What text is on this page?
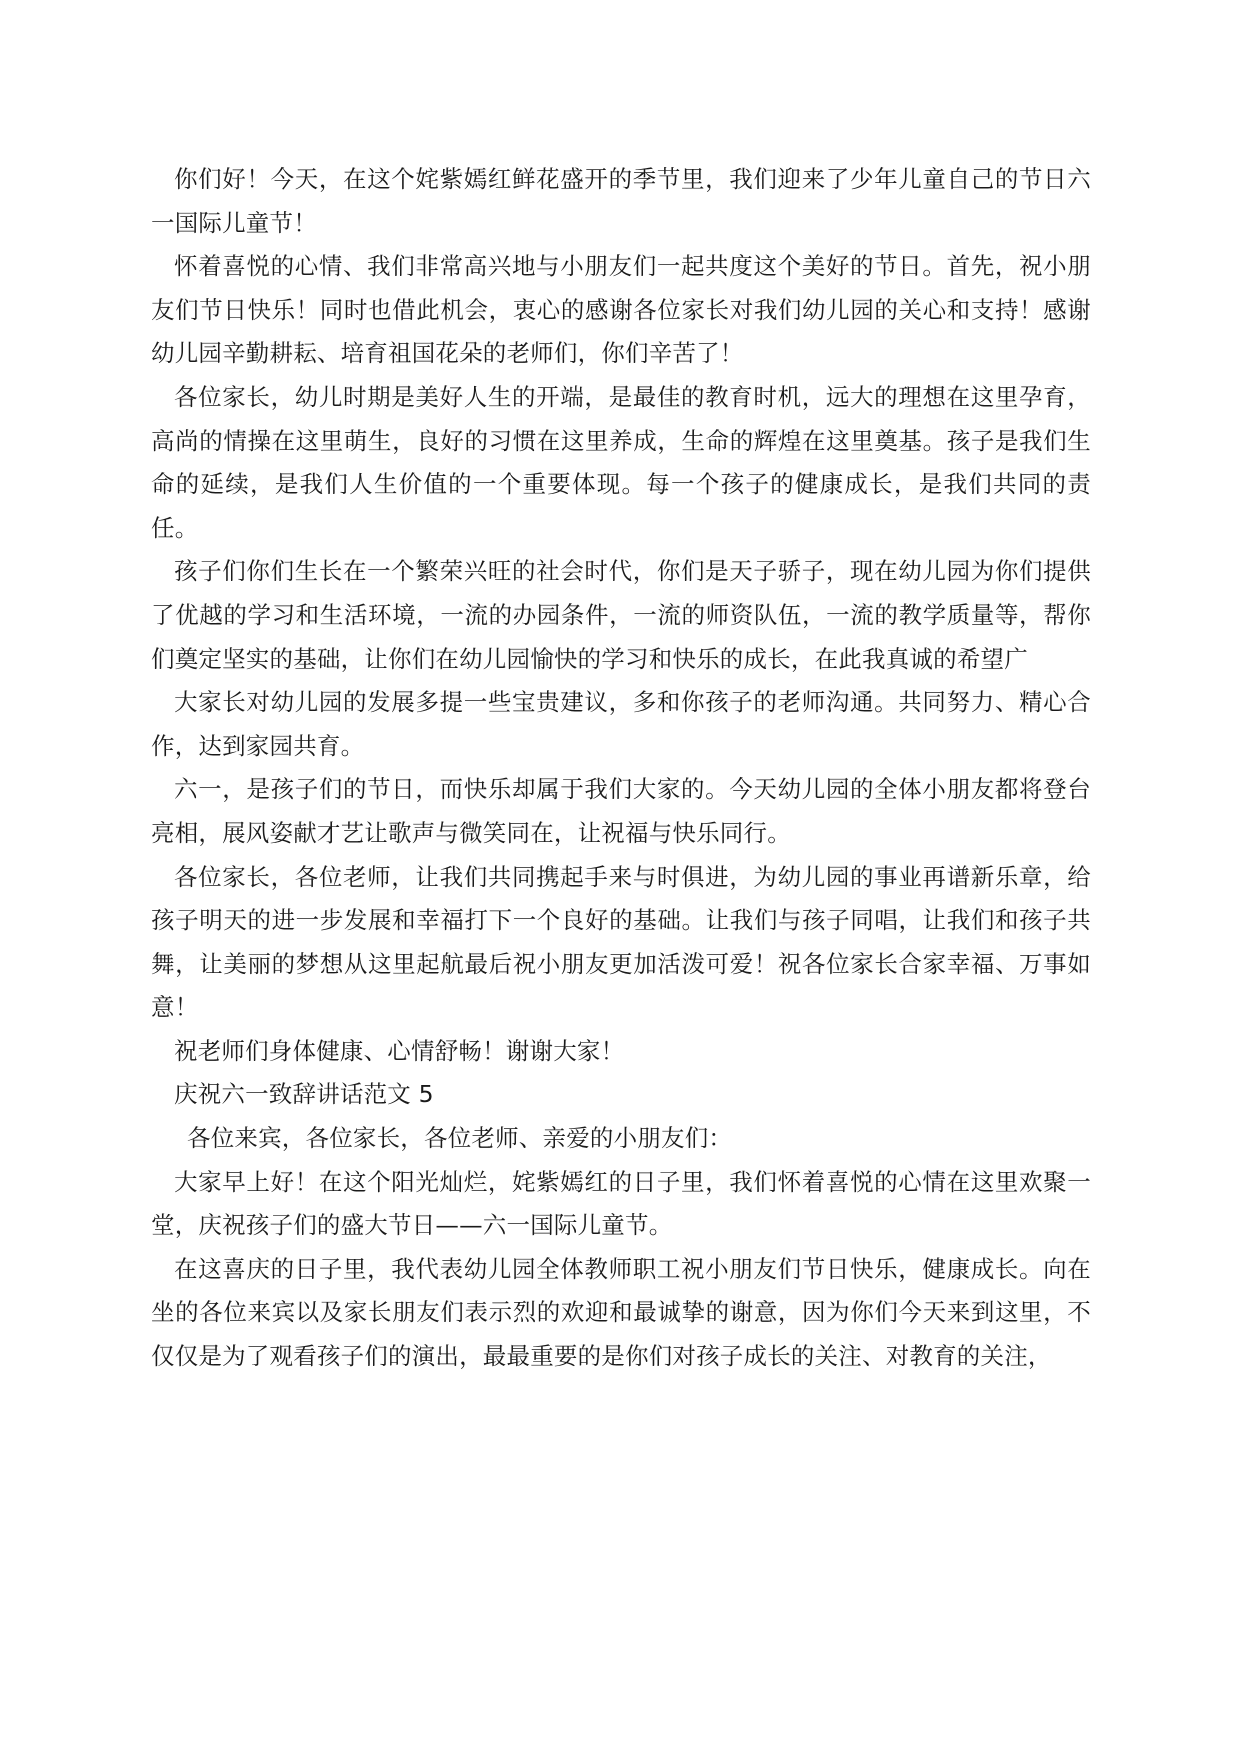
你们好！今天，在这个姹紫嫣红鲜花盛开的季节里，我们迎来了少年儿童自己的节日六一国际儿童节！

怀着喜悦的心情、我们非常高兴地与小朋友们一起共度这个美好的节日。首先，祝小朋友们节日快乐！同时也借此机会，衷心的感谢各位家长对我们幼儿园的关心和支持！感谢幼儿园辛勤耕耘、培育祖国花朵的老师们，你们辛苦了！

各位家长，幼儿时期是美好人生的开端，是最佳的教育时机，远大的理想在这里孕育，高尚的情操在这里萌生，良好的习惯在这里养成，生命的辉煌在这里奠基。孩子是我们生命的延续，是我们人生价值的一个重要体现。每一个孩子的健康成长，是我们共同的责任。

孩子们你们生长在一个繁荣兴旺的社会时代，你们是天子骄子，现在幼儿园为你们提供了优越的学习和生活环境，一流的办园条件，一流的师资队伍，一流的教学质量等，帮你们奠定坚实的基础，让你们在幼儿园愉快的学习和快乐的成长，在此我真诚的希望广

大家长对幼儿园的发展多提一些宝贵建议，多和你孩子的老师沟通。共同努力、精心合作，达到家园共育。

六一，是孩子们的节日，而快乐却属于我们大家的。今天幼儿园的全体小朋友都将登台亮相，展风姿献才艺让歌声与微笑同在，让祝福与快乐同行。

各位家长，各位老师，让我们共同携起手来与时俱进，为幼儿园的事业再谱新乐章，给孩子明天的进一步发展和幸福打下一个良好的基础。让我们与孩子同唱，让我们和孩子共舞，让美丽的梦想从这里起航最后祝小朋友更加活泼可爱！祝各位家长合家幸福、万事如意！

祝老师们身体健康、心情舒畅！谢谢大家！

庆祝六一致辞讲话范文 5

各位来宾，各位家长，各位老师、亲爱的小朋友们：

大家早上好！在这个阳光灿烂，姹紫嫣红的日子里，我们怀着喜悦的心情在这里欢聚一堂，庆祝孩子们的盛大节日——六一国际儿童节。

在这喜庆的日子里，我代表幼儿园全体教师职工祝小朋友们节日快乐，健康成长。向在坐的各位来宾以及家长朋友们表示烈的欢迎和最诚挚的谢意，因为你们今天来到这里，不仅仅是为了观看孩子们的演出，最最重要的是你们对孩子成长的关注、对教育的关注，
